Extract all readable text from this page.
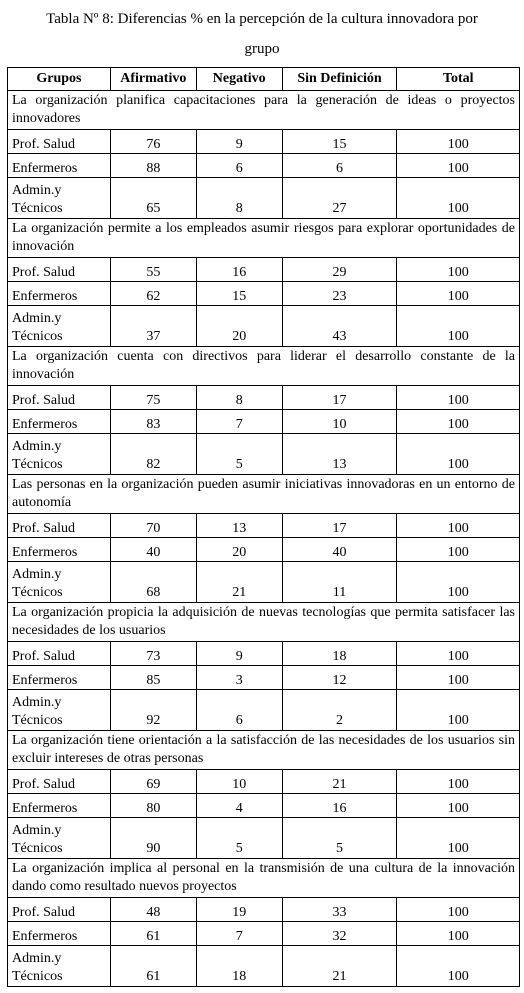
Tabla Nº 8: Diferencias % en la percepción de la cultura innovadora por
grupo
Grupos	Afirmativo	Negativo	Sin Definición	Total
La organización planifica capacitaciones para la generación de ideas o proyectos innovadores				

Prof. Salud	76	9	15	100

Enfermeros	88	6	6	100

Admin.y
Técnicos	65	8	27	100
La organización permite a los empleados asumir riesgos para explorar oportunidades de innovación				

Prof. Salud	55	16	29	100

Enfermeros	62	15	23	100

Admin.y
Técnicos	37	20	43	100
La organización cuenta con directivos para liderar el desarrollo constante de la innovación				

Prof. Salud	75	8	17	100

Enfermeros	83	7	10	100

Admin.y
Técnicos	82	5	13	100
Las personas en la organización pueden asumir iniciativas innovadoras en un entorno de autonomía				

Prof. Salud	70	13	17	100

Enfermeros	40	20	40	100

Admin.y
Técnicos	68	21	11	100
La organización propicia la adquisición de nuevas tecnologías que permita satisfacer las necesidades de los usuarios				

Prof. Salud	73	9	18	100

Enfermeros	85	3	12	100

Admin.y
Técnicos	92	6	2	100
La organización tiene orientación a la satisfacción de las necesidades de los usuarios sin excluir intereses de otras personas				

Prof. Salud	69	10	21	100

Enfermeros	80	4	16	100

Admin.y
Técnicos	90	5	5	100
La organización implica al personal en la transmisión de una cultura de la innovación dando como resultado nuevos proyectos				

Prof. Salud	48	19	33	100

Enfermeros	61	7	32	100

Admin.y
Técnicos	61	18	21	100
